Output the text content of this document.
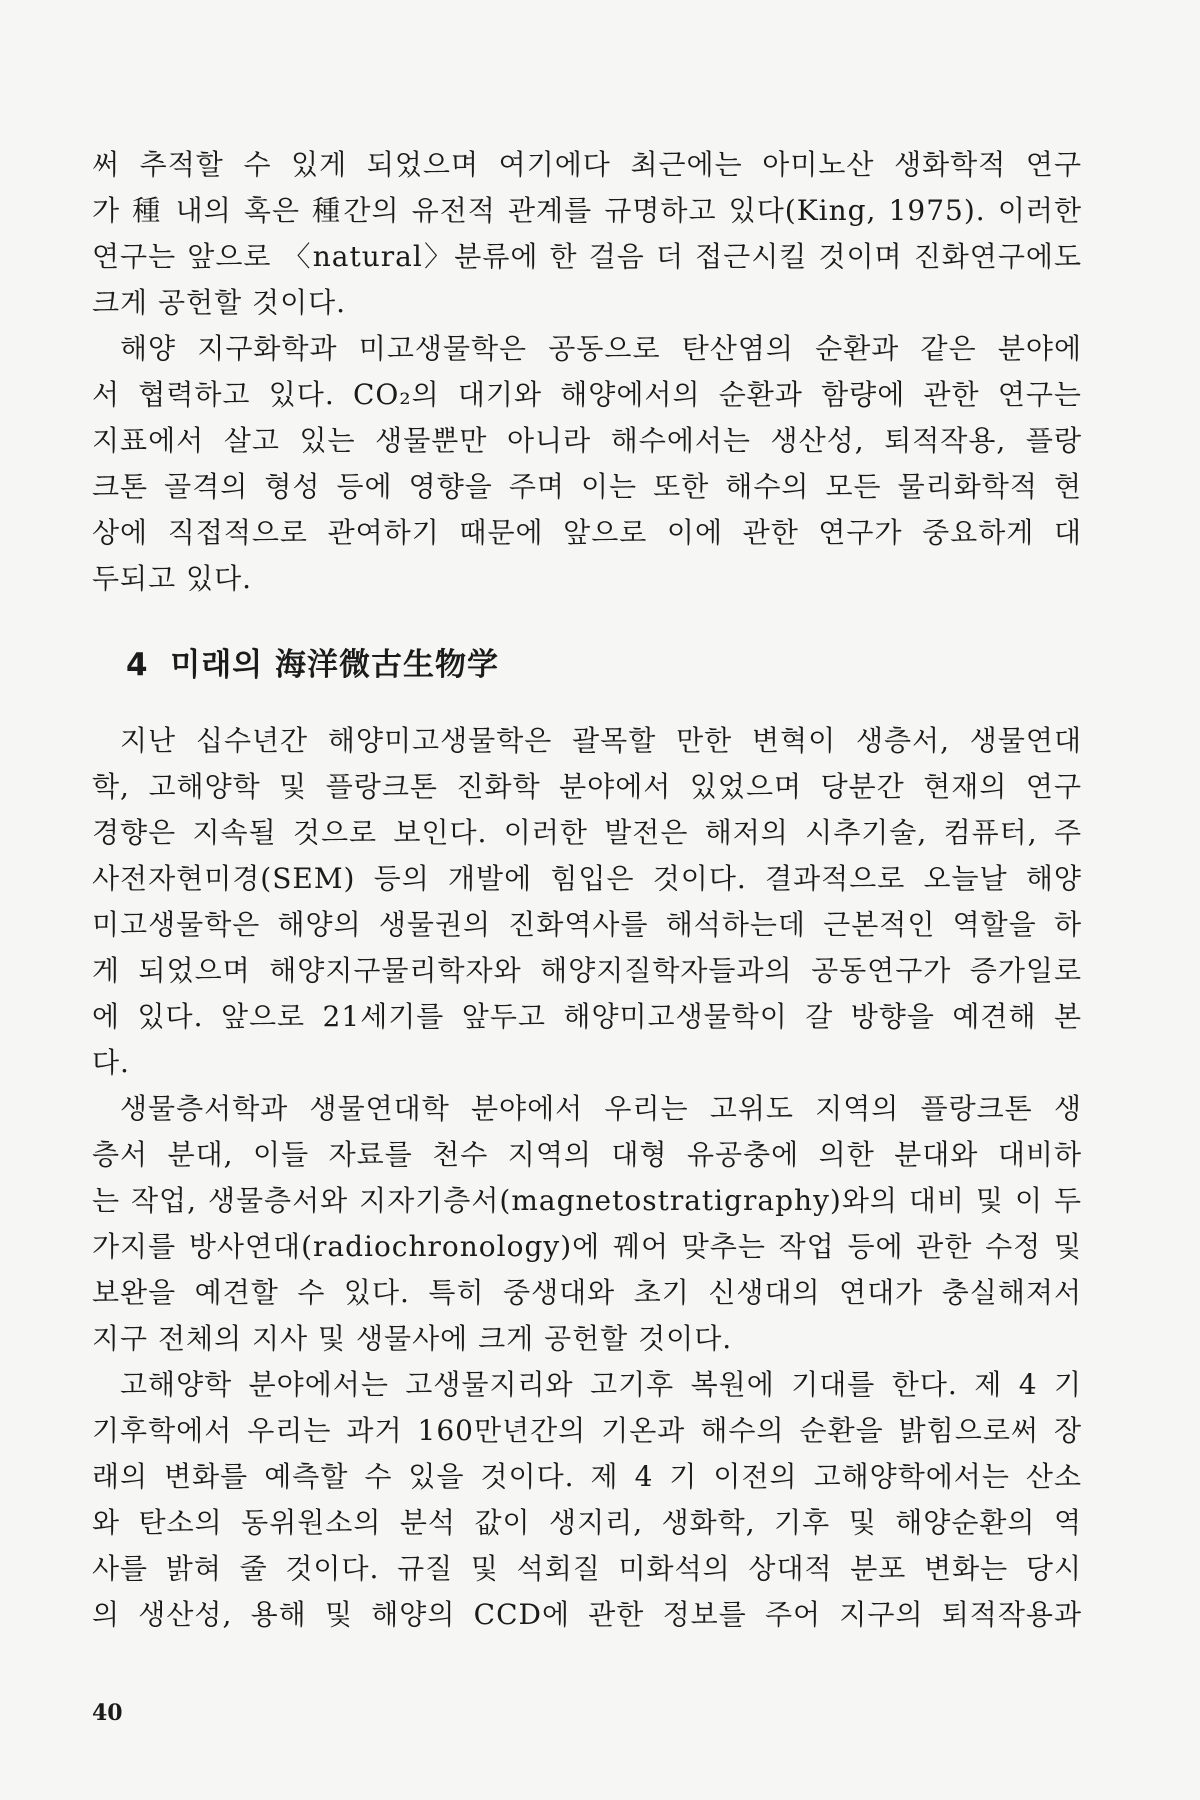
써 추적할 수 있게 되었으며 여기에다 최근에는 아미노산 생화학적 연구
가 種 내의 혹은 種간의 유전적 관계를 규명하고 있다(King, 1975). 이러한
연구는 앞으로 〈natural〉분류에 한 걸음 더 접근시킬 것이며 진화연구에도
크게 공헌할 것이다.
해양 지구화학과 미고생물학은 공동으로 탄산염의 순환과 같은 분야에
서 협력하고 있다. CO₂의 대기와 해양에서의 순환과 함량에 관한 연구는
지표에서 살고 있는 생물뿐만 아니라 해수에서는 생산성, 퇴적작용, 플랑
크톤 골격의 형성 등에 영향을 주며 이는 또한 해수의 모든 물리화학적 현
상에 직접적으로 관여하기 때문에 앞으로 이에 관한 연구가 중요하게 대
두되고 있다.
4 미래의 海洋微古生物学
지난 십수년간 해양미고생물학은 괄목할 만한 변혁이 생층서, 생물연대
학, 고해양학 및 플랑크톤 진화학 분야에서 있었으며 당분간 현재의 연구
경향은 지속될 것으로 보인다. 이러한 발전은 해저의 시추기술, 컴퓨터, 주
사전자현미경(SEM) 등의 개발에 힘입은 것이다. 결과적으로 오늘날 해양
미고생물학은 해양의 생물권의 진화역사를 해석하는데 근본적인 역할을 하
게 되었으며 해양지구물리학자와 해양지질학자들과의 공동연구가 증가일로
에 있다. 앞으로 21세기를 앞두고 해양미고생물학이 갈 방향을 예견해 본
다.
생물층서학과 생물연대학 분야에서 우리는 고위도 지역의 플랑크톤 생
층서 분대, 이들 자료를 천수 지역의 대형 유공충에 의한 분대와 대비하
는 작업, 생물층서와 지자기층서(magnetostratigraphy)와의 대비 및 이 두
가지를 방사연대(radiochronology)에 꿰어 맞추는 작업 등에 관한 수정 및
보완을 예견할 수 있다. 특히 중생대와 초기 신생대의 연대가 충실해져서
지구 전체의 지사 및 생물사에 크게 공헌할 것이다.
고해양학 분야에서는 고생물지리와 고기후 복원에 기대를 한다. 제 4 기
기후학에서 우리는 과거 160만년간의 기온과 해수의 순환을 밝힘으로써 장
래의 변화를 예측할 수 있을 것이다. 제 4 기 이전의 고해양학에서는 산소
와 탄소의 동위원소의 분석 값이 생지리, 생화학, 기후 및 해양순환의 역
사를 밝혀 줄 것이다. 규질 및 석회질 미화석의 상대적 분포 변화는 당시
의 생산성, 용해 및 해양의 CCD에 관한 정보를 주어 지구의 퇴적작용과
40
